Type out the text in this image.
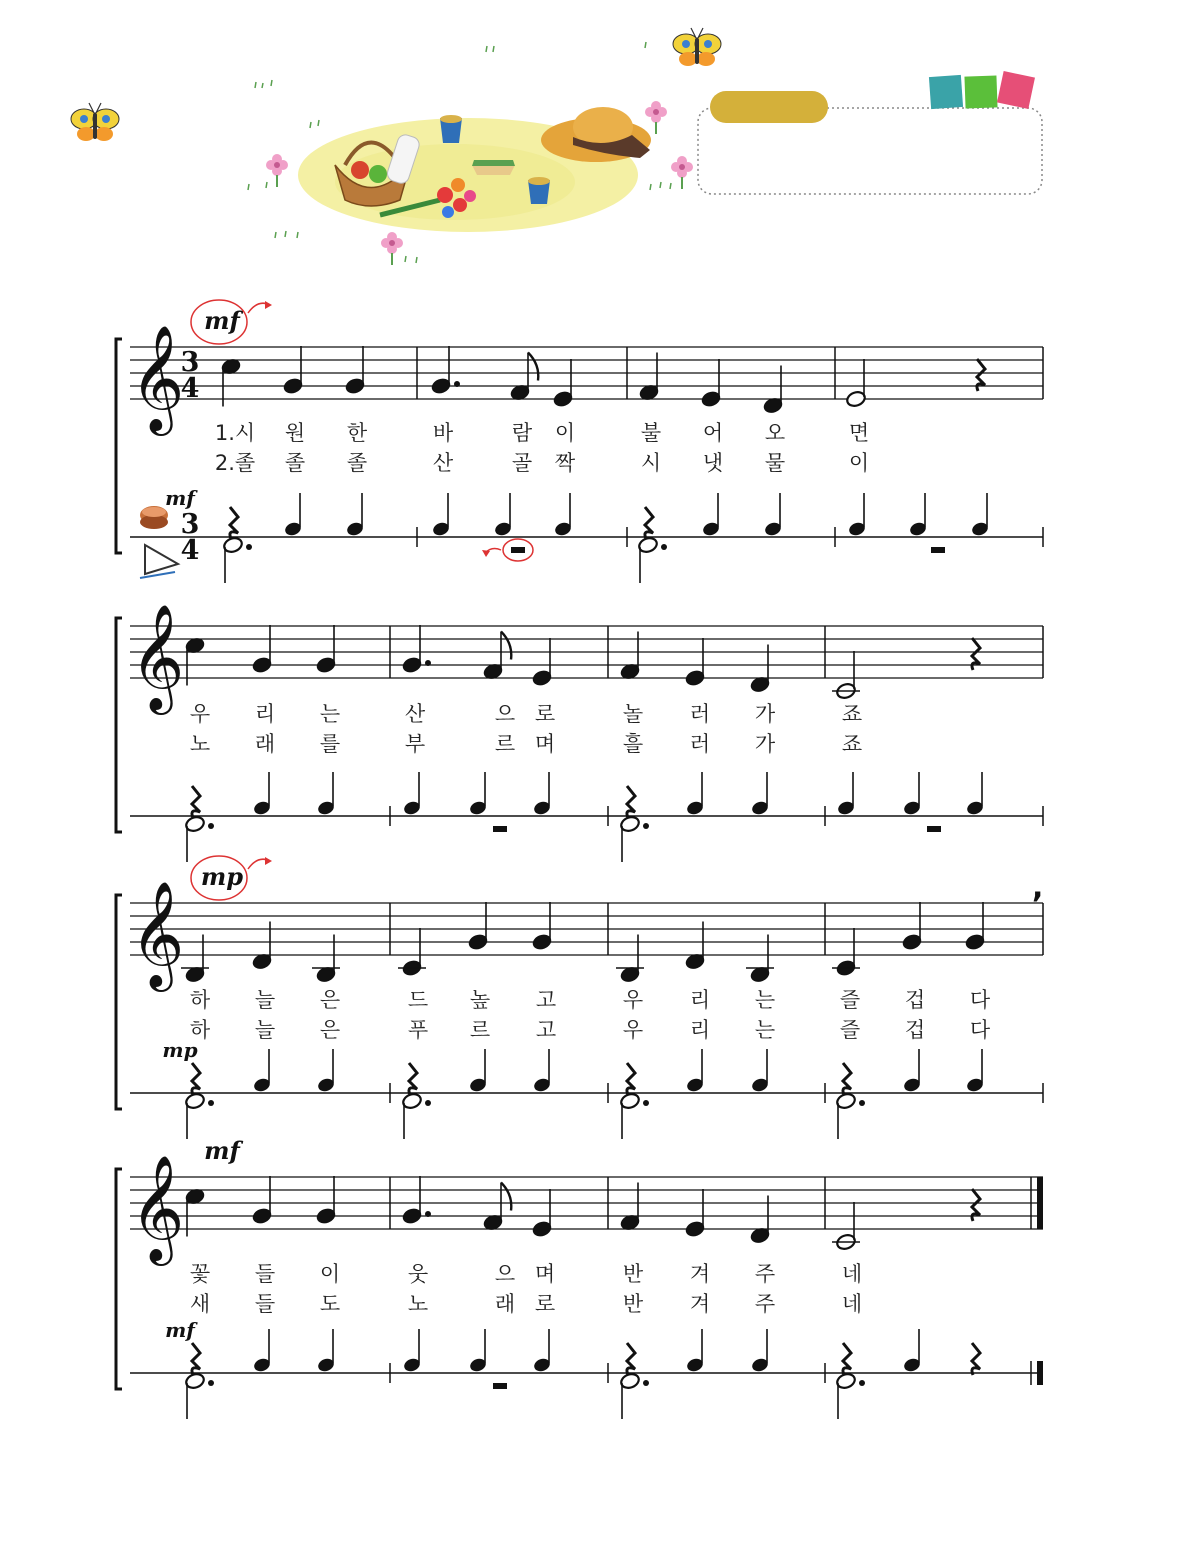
𝄞
3
4
3
4
mf
1.시 원 한	바	람 이	불 어 오	면
2.졸 졸 졸	산	골 짝	시 냇 물	이
mf
𝄞
우 리 는	산	으 로	놀 러 가	죠
노 래 를	부	르 며	흘 러 가	죠
𝄞	,
mp
하 늘 은	드 높 고	우 리 는	즐 겁 다
하 늘 은	푸 르 고	우 리 는	즐 겁 다
mp
𝄞
mf
꽃 들 이	웃	으 며	반 겨 주	네
새 들 도	노	래 로	반 겨 주	네
mf
